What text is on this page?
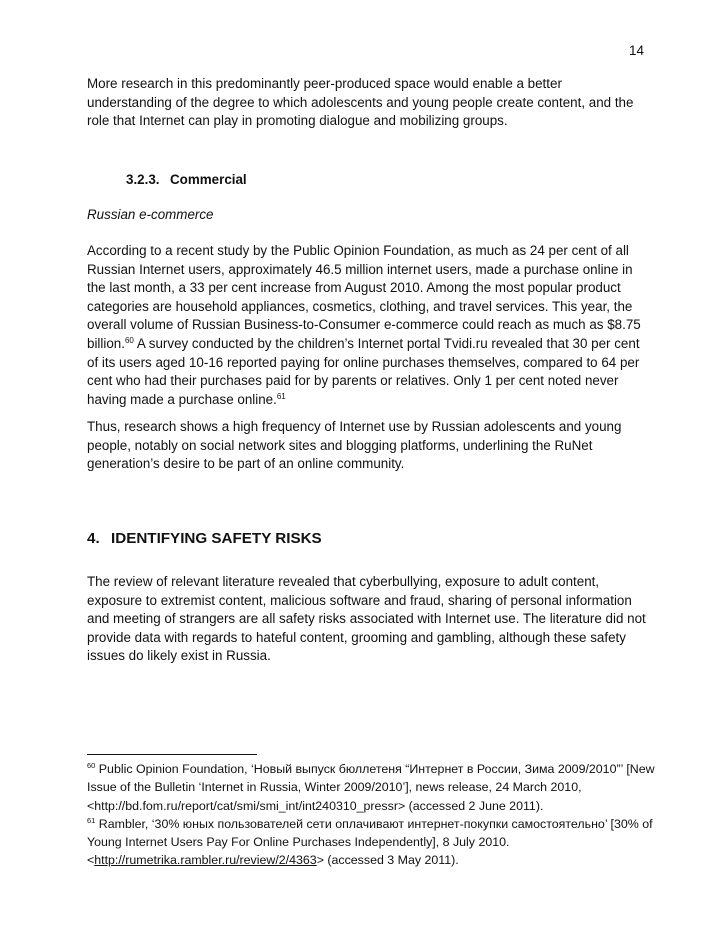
14

More research in this predominantly peer-produced space would enable a better understanding of the degree to which adolescents and young people create content, and the role that Internet can play in promoting dialogue and mobilizing groups.

3.2.3. Commercial
Russian e-commerce

According to a recent study by the Public Opinion Foundation, as much as 24 per cent of all Russian Internet users, approximately 46.5 million internet users, made a purchase online in the last month, a 33 per cent increase from August 2010. Among the most popular product categories are household appliances, cosmetics, clothing, and travel services. This year, the overall volume of Russian Business-to-Consumer e-commerce could reach as much as $8.75 billion.$^{60}$ A survey conducted by the children’s Internet portal Tvidi.ru revealed that 30 per cent of its users aged 10-16 reported paying for online purchases themselves, compared to 64 per cent who had their purchases paid for by parents or relatives. Only 1 per cent noted never having made a purchase online.$^{61}$

Thus, research shows a high frequency of Internet use by Russian adolescents and young people, notably on social network sites and blogging platforms, underlining the RuNet generation’s desire to be part of an online community.

4. IDENTIFYING SAFETY RISKS

The review of relevant literature revealed that cyberbullying, exposure to adult content, exposure to extremist content, malicious software and fraud, sharing of personal information and meeting of strangers are all safety risks associated with Internet use. The literature did not provide data with regards to hateful content, grooming and gambling, although these safety issues do likely exist in Russia.

$^{60}$ Public Opinion Foundation, ‘Новый выпуск бюллетеня “Интернет в России, Зима 2009/2010”’ [New Issue of the Bulletin ‘Internet in Russia, Winter 2009/2010’], news release, 24 March 2010, <http://bd.fom.ru/report/cat/smi/smi_int/int240310_pressr> (accessed 2 June 2011).
$^{61}$ Rambler, ‘30% юных пользователей сети оплачивают интернет-покупки самостоятельно’ [30% of Young Internet Users Pay For Online Purchases Independently], 8 July 2010. <http://rumetrika.rambler.ru/review/2/4363> (accessed 3 May 2011).
